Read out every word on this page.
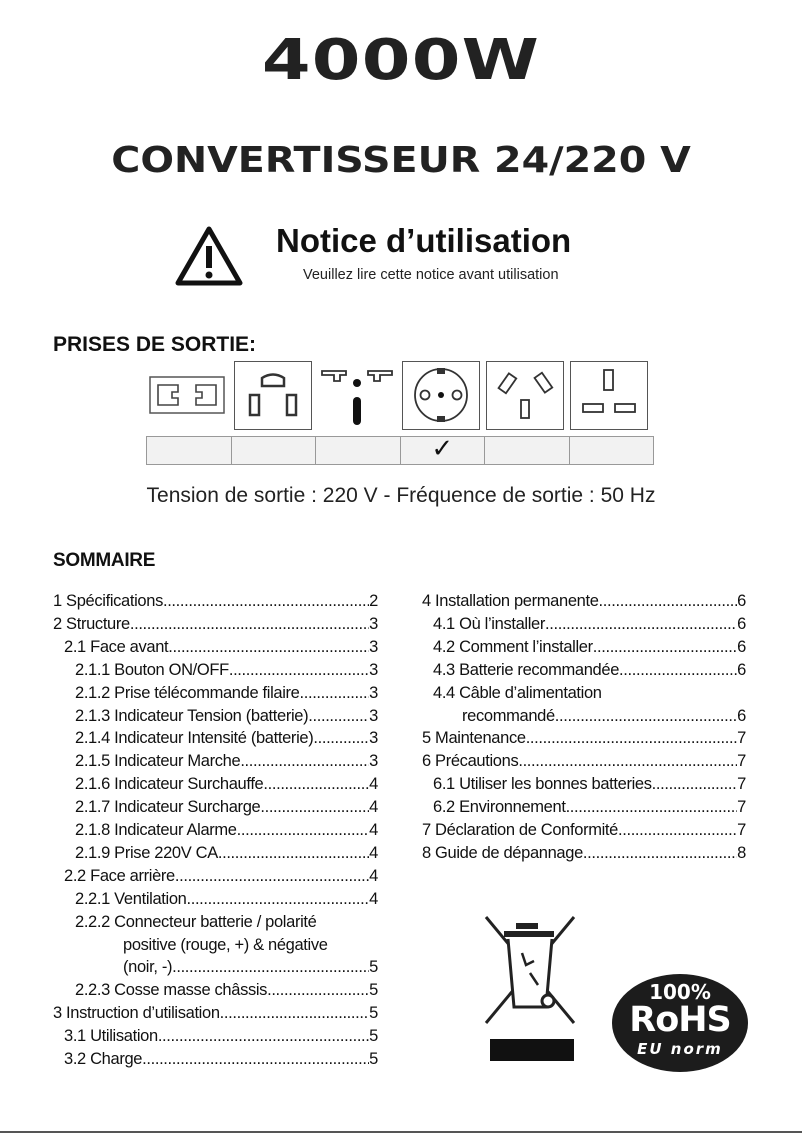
4000W
CONVERTISSEUR 24/220 V
Notice d’utilisation
Veuillez lire cette notice avant utilisation
PRISES DE SORTIE:
✓
Tension de sortie : 220 V - Fréquence de sortie : 50 Hz
SOMMAIRE
1 Spécifications .....	2
2 Structure .....	3
2.1 Face avant .....	3
2.1.1 Bouton ON/OFF .....	3
2.1.2 Prise télécommande filaire .....	3
2.1.3 Indicateur Tension (batterie) .....	3
2.1.4 Indicateur Intensité (batterie) .....	3
2.1.5 Indicateur Marche .....	3
2.1.6 Indicateur Surchauffe .....	4
2.1.7 Indicateur Surcharge .....	4
2.1.8 Indicateur Alarme .....	4
2.1.9 Prise 220V CA .....	4
2.2 Face arrière .....	4
2.2.1 Ventilation .....	4
2.2.2 Connecteur batterie / polarité
positive (rouge, +) & négative
(noir, -) .....	5
2.2.3 Cosse masse châssis .....	5
3 Instruction d’utilisation .....	5
3.1 Utilisation .....	5
3.2 Charge .....	5
4 Installation permanente .....	6
4.1 Où l’installer .....	6
4.2 Comment l’installer .....	6
4.3 Batterie recommandée .....	6
4.4 Câble d’alimentation
recommandé .....	6
5 Maintenance .....	7
6 Précautions .....	7
6.1 Utiliser les bonnes batteries .....	7
6.2 Environnement .....	7
7 Déclaration de Conformité .....	7
8 Guide de dépannage .....	8
100%
RoHS
EU norm
